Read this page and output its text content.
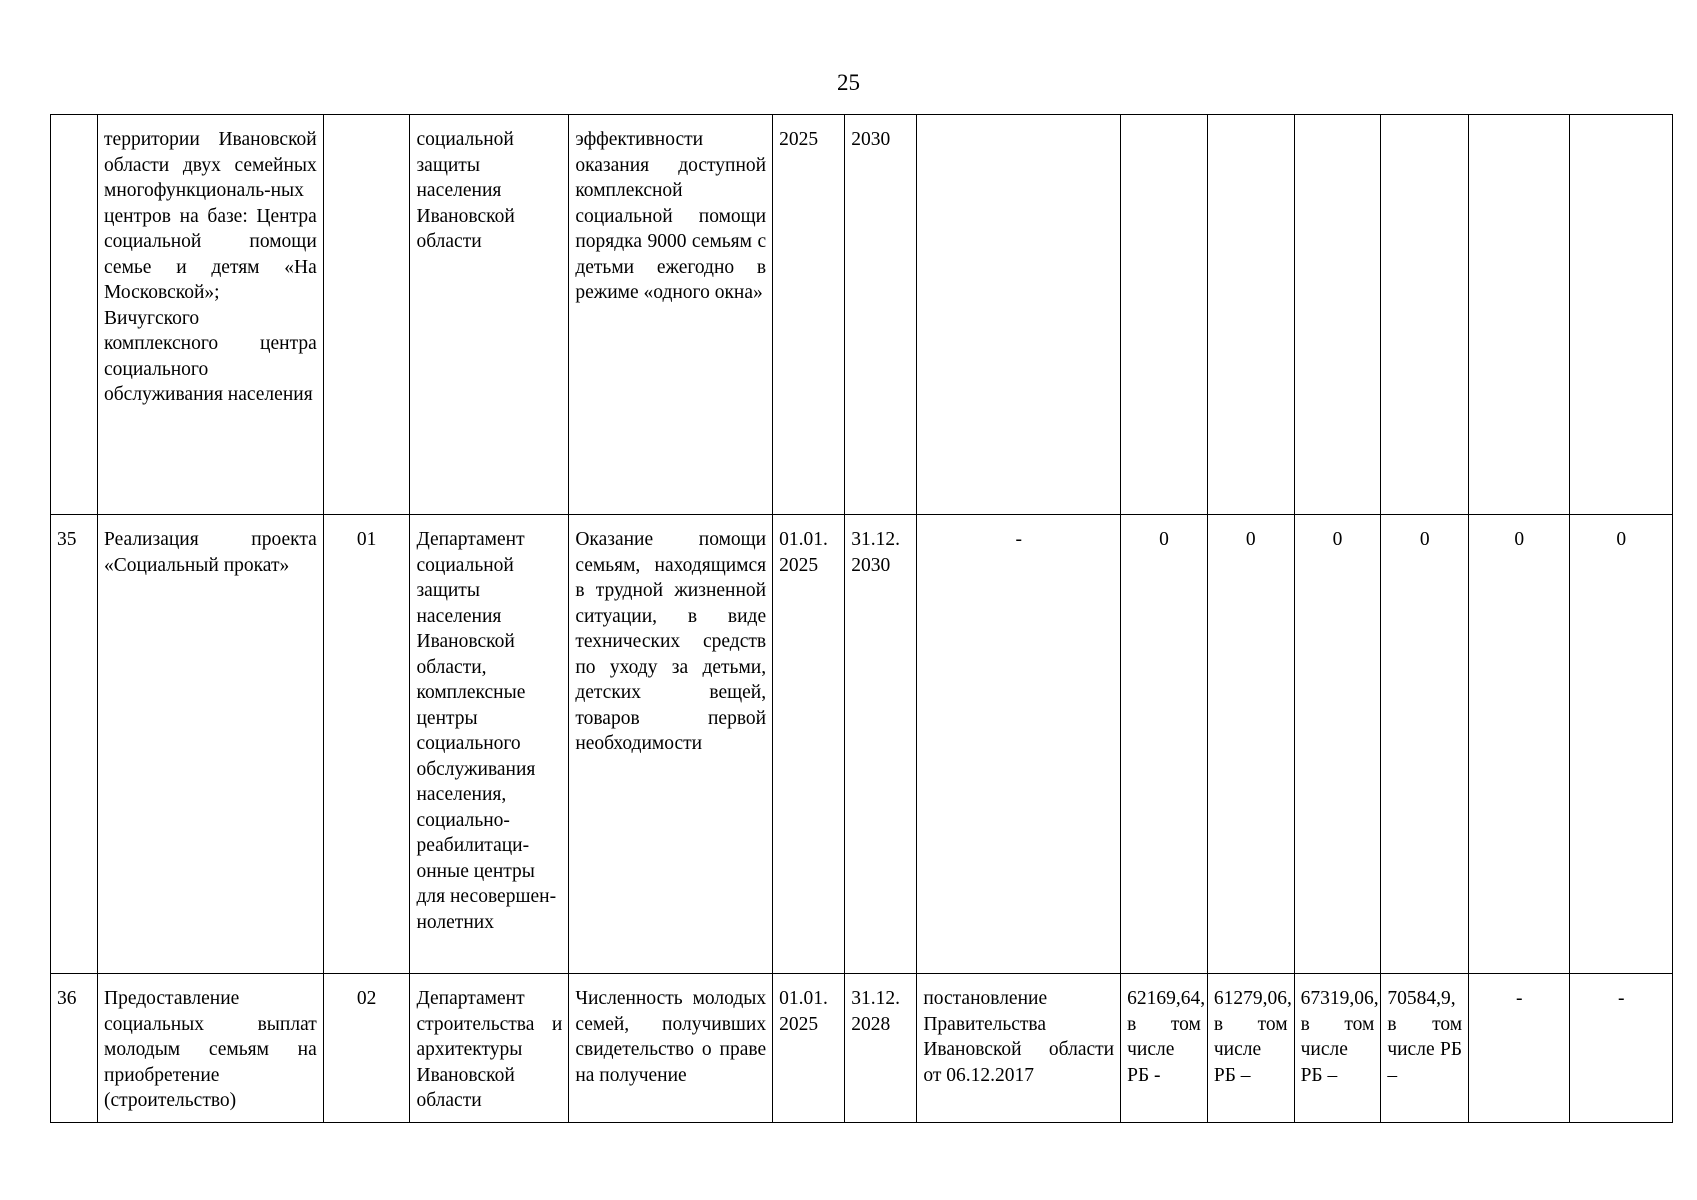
25

	территории Ивановской области двух семейных многофункциональ-ных центров на базе: Центра социальной помощи семье и детям «На Московской»; Вичугского комплексного центра социального обслуживания населения		социальной защиты населения Ивановской области	эффективности оказания доступной комплексной социальной помощи порядка 9000 семьям с детьми ежегодно в режиме «одного окна»	2025	2030							

35	Реализация проекта «Социальный прокат»	01	Департамент социальной защиты населения Ивановской области, комплексные центры социального обслуживания населения, социально-реабилитаци-онные центры для несовершен-нолетних	Оказание помощи семьям, находящимся в трудной жизненной ситуации, в виде технических средств по уходу за детьми, детских вещей, товаров первой необходимости	01.01. 2025	31.12. 2030	-	0	0	0	0	0	0
36	Предоставление социальных выплат молодым семьям на приобретение (строительство)	02	Департамент строительства и архитектуры Ивановской области	Численность молодых семей, получивших свидетельство о праве на получение	01.01. 2025	31.12. 2028	постановление Правительства Ивановской области от 06.12.2017	62169,64, в том числе РБ -	61279,06, в том числе РБ –	67319,06, в том числе РБ –	70584,9, в том числе РБ –	-	-
